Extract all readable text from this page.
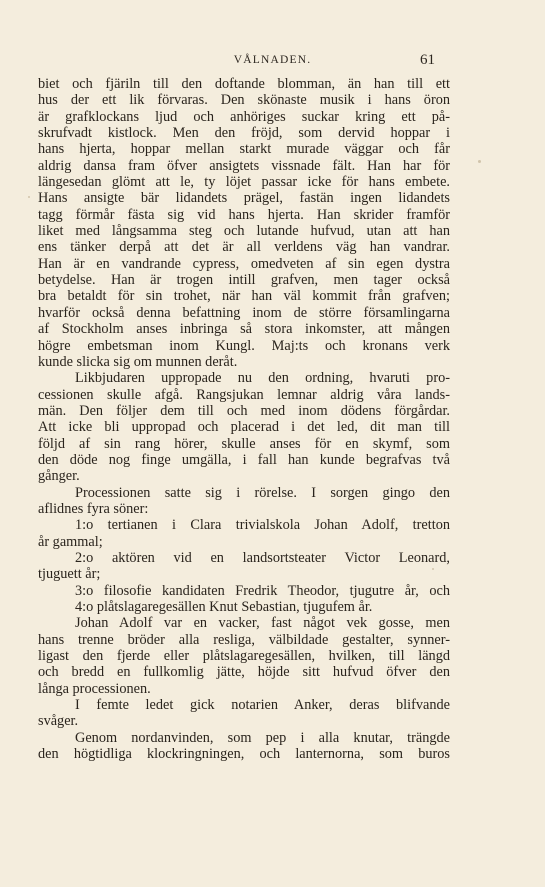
VÅLNADEN.	61
biet och fjäriln till den doftande blomman, än han till ett
hus der ett lik förvaras. Den skönaste musik i hans öron
är grafklockans ljud och anhöriges suckar kring ett på-
skrufvadt kistlock. Men den fröjd, som dervid hoppar i
hans hjerta, hoppar mellan starkt murade väggar och får
aldrig dansa fram öfver ansigtets vissnade fält. Han har för
längesedan glömt att le, ty löjet passar icke för hans embete.
Hans ansigte bär lidandets prägel, fastän ingen lidandets
tagg förmår fästa sig vid hans hjerta. Han skrider framför
liket med långsamma steg och lutande hufvud, utan att han
ens tänker derpå att det är all verldens väg han vandrar.
Han är en vandrande cypress, omedveten af sin egen dystra
betydelse. Han är trogen intill grafven, men tager också
bra betaldt för sin trohet, när han väl kommit från grafven;
hvarför också denna befattning inom de större församlingarna
af Stockholm anses inbringa så stora inkomster, att mången
högre embetsman inom Kungl. Maj:ts och kronans verk
kunde slicka sig om munnen deråt.
Likbjudaren uppropade nu den ordning, hvaruti pro-
cessionen skulle afgå. Rangsjukan lemnar aldrig våra lands-
män. Den följer dem till och med inom dödens förgårdar.
Att icke bli uppropad och placerad i det led, dit man till
följd af sin rang hörer, skulle anses för en skymf, som
den döde nog finge umgälla, i fall han kunde begrafvas två
gånger.
Processionen satte sig i rörelse. I sorgen gingo den
aflidnes fyra söner:
1:o tertianen i Clara trivialskola Johan Adolf, tretton
år gammal;
2:o aktören vid en landsortsteater Victor Leonard,
tjuguett år;
3:o filosofie kandidaten Fredrik Theodor, tjugutre år, och
4:o plåtslagaregesällen Knut Sebastian, tjugufem år.
Johan Adolf var en vacker, fast något vek gosse, men
hans trenne bröder alla resliga, välbildade gestalter, synner-
ligast den fjerde eller plåtslagaregesällen, hvilken, till längd
och bredd en fullkomlig jätte, höjde sitt hufvud öfver den
långa processionen.
I femte ledet gick notarien Anker, deras blifvande
svåger.
Genom nordanvinden, som pep i alla knutar, trängde
den högtidliga klockringningen, och lanternorna, som buros
